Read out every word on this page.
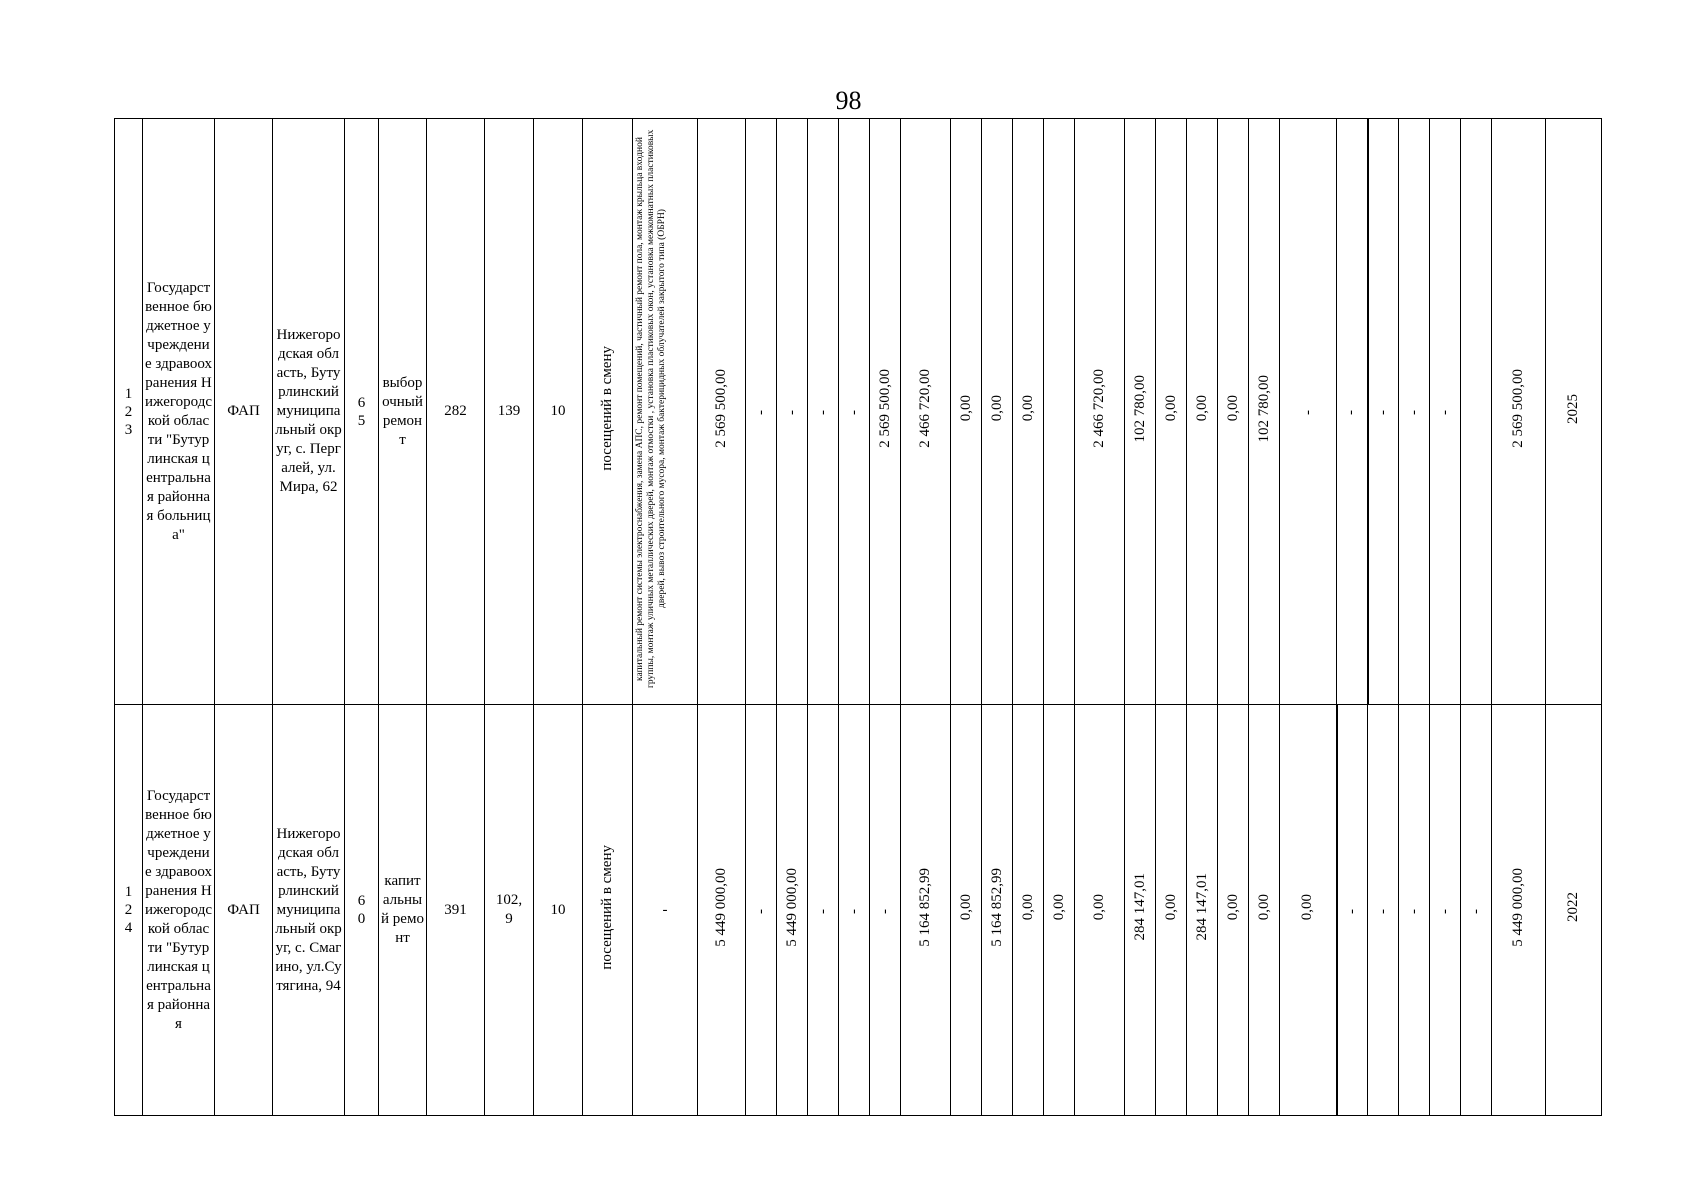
98
123	Государственное бюджетное учреждение здравоохранения Нижегородской области "Бутурлинская центральная районная больница"	ФАП	Нижегородская область, Бутурлинский муниципальный округ, с. Пергалей, ул.Мира, 62	65	выборочный ремонт	282	139	10	посещений в смену	капитальный ремонт системы электроснабжения, замена АПС, ремонт помещений, частичный ремонт пола, монтаж крыльца входной группы, монтаж уличных металлических дверей, монтаж отмостки , установка пластиковых окон, установка межкомнатных пластиковых дверей, вывоз строительного мусора, монтаж бактерицидных облучателей закрытого типа (ОБРН)	2 569 500,00	-	-	-	-	2 569 500,00	2 466 720,00	0,00	0,00	0,00		2 466 720,00	102 780,00	0,00	0,00	0,00	102 780,00	-	-	-	-	-		2 569 500,00	2025

124	Государственное бюджетное учреждение здравоохранения Нижегородской области "Бутурлинская центральная районная	ФАП	Нижегородская область, Бутурлинский муниципальный округ, с. Смагино, ул.Сутягина, 94	60	капитальный ремонт	391	102,9	10	посещений в смену	-	5 449 000,00	-	5 449 000,00	-	-	-	5 164 852,99	0,00	5 164 852,99	0,00	0,00	0,00	284 147,01	0,00	284 147,01	0,00	0,00	0,00	-	-	-	-	-	5 449 000,00	2022
